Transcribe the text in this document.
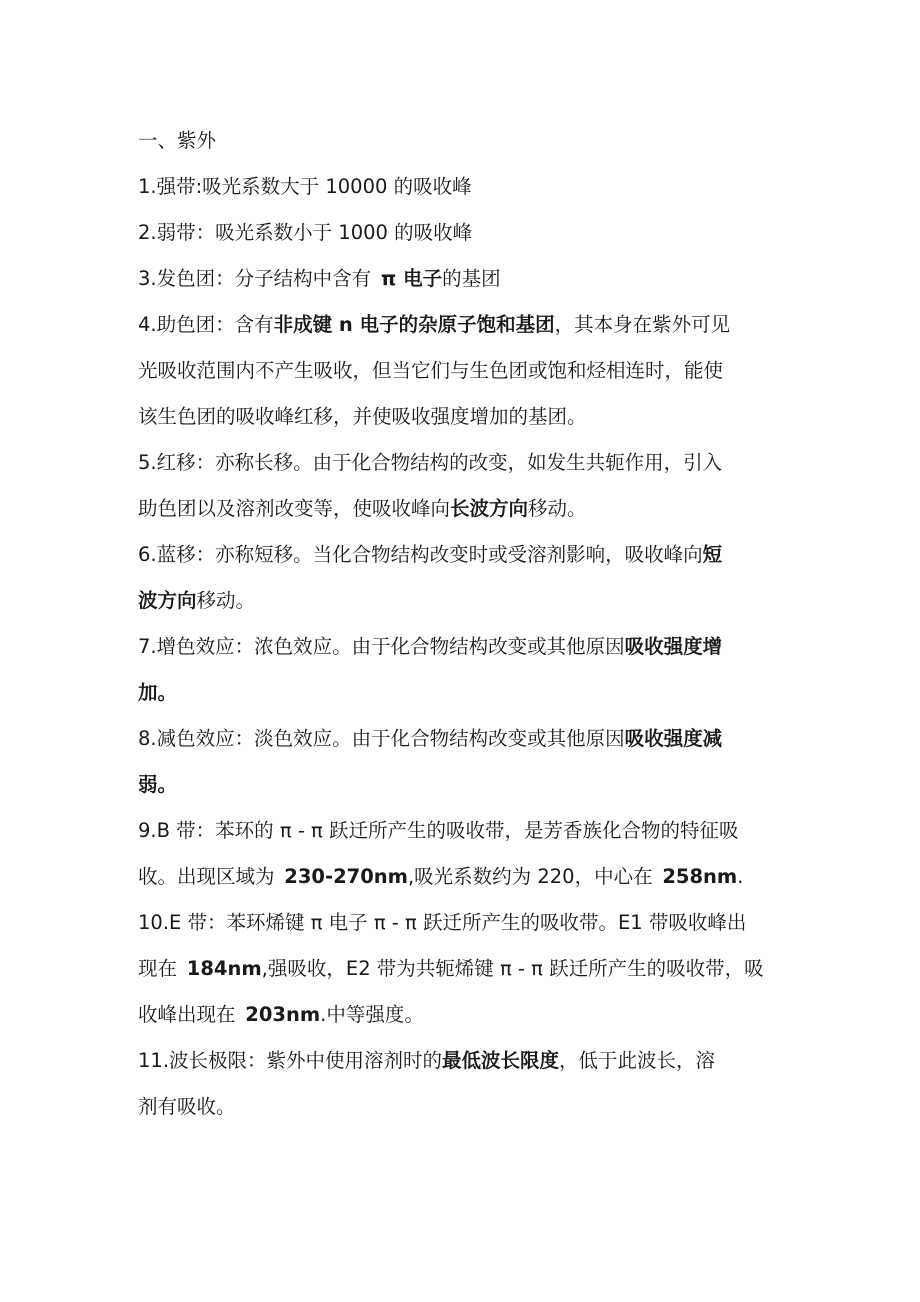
一、紫外
1.强带:吸光系数大于 10000 的吸收峰
2.弱带：吸光系数小于 1000 的吸收峰
3.发色团：分子结构中含有 π 电子的基团
4.助色团：含有非成键 n 电子的杂原子饱和基团，其本身在紫外可见
光吸收范围内不产生吸收，但当它们与生色团或饱和烃相连时，能使
该生色团的吸收峰红移，并使吸收强度增加的基团。
5.红移：亦称长移。由于化合物结构的改变，如发生共轭作用，引入
助色团以及溶剂改变等，使吸收峰向长波方向移动。
6.蓝移：亦称短移。当化合物结构改变时或受溶剂影响，吸收峰向短
波方向移动。
7.增色效应：浓色效应。由于化合物结构改变或其他原因吸收强度增
加。
8.减色效应：淡色效应。由于化合物结构改变或其他原因吸收强度减
弱。
9.B 带：苯环的 π - π 跃迁所产生的吸收带，是芳香族化合物的特征吸
收。出现区域为 230-270nm,吸光系数约为 220，中心在 258nm.
10.E 带：苯环烯键 π 电子 π - π 跃迁所产生的吸收带。E1 带吸收峰出
现在 184nm,强吸收，E2 带为共轭烯键 π - π 跃迁所产生的吸收带，吸
收峰出现在 203nm.中等强度。
11.波长极限：紫外中使用溶剂时的最低波长限度，低于此波长，溶
剂有吸收。
